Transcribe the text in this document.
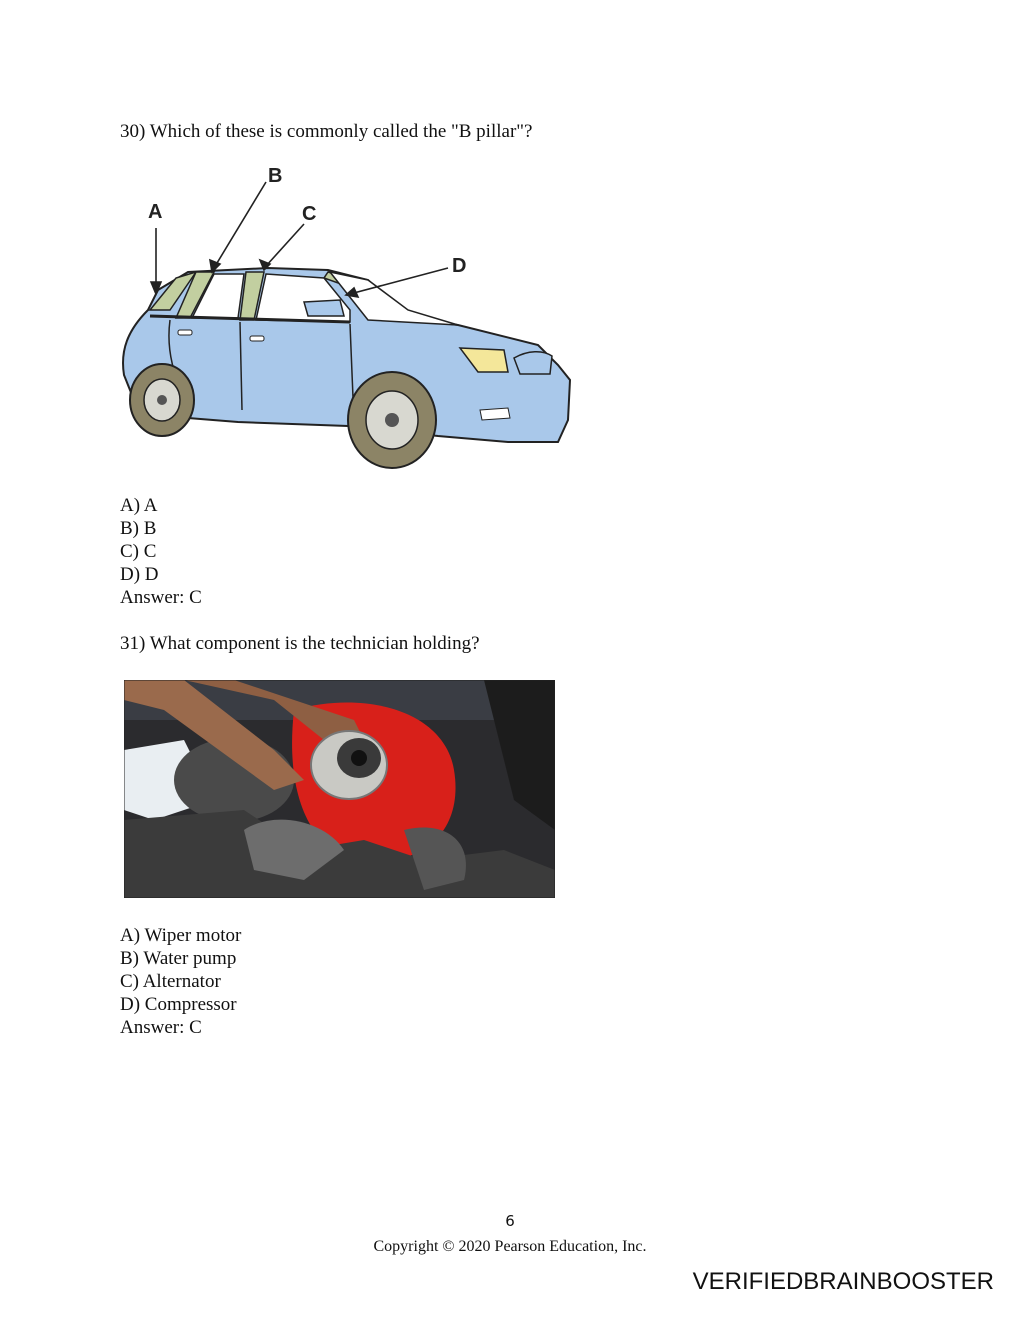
30) Which of these is commonly called the "B pillar"?
A
B
C
D
A) A
B) B
C) C
D) D
Answer: C
31) What component is the technician holding?
A) Wiper motor
B) Water pump
C) Alternator
D) Compressor
Answer: C
6
Copyright © 2020 Pearson Education, Inc.
VERIFIEDBRAINBOOSTER
